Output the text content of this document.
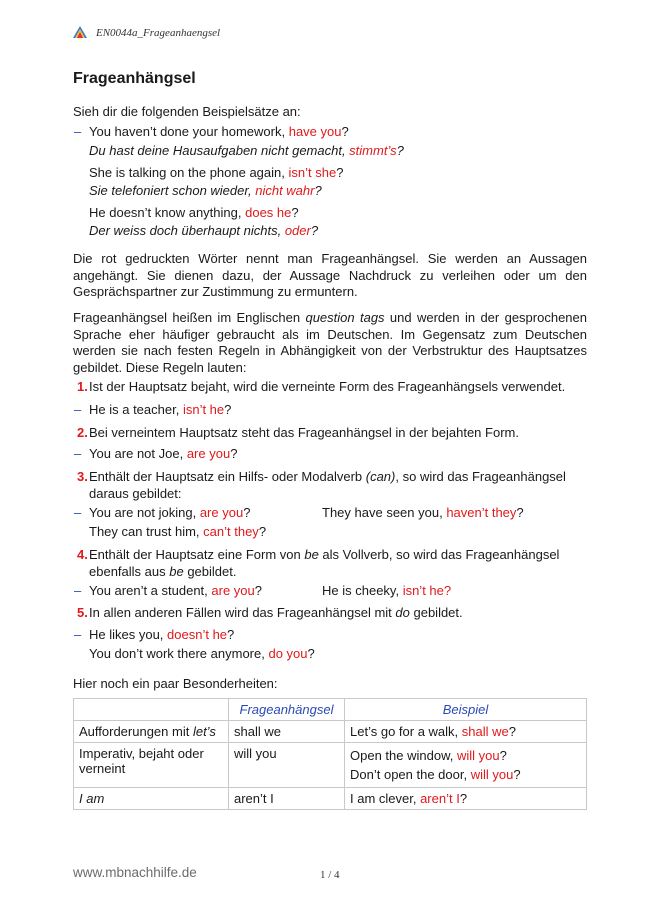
EN0044a_Frageanhaengsel
Frageanhängsel
Sieh dir die folgenden Beispielsätze an:
– You haven’t done your homework, have you?
Du hast deine Hausaufgaben nicht gemacht, stimmt’s?
She is talking on the phone again, isn’t she?
Sie telefoniert schon wieder, nicht wahr?
He doesn’t know anything, does he?
Der weiss doch überhaupt nichts, oder?
Die rot gedruckten Wörter nennt man Frageanhängsel. Sie werden an Aussagen angehängt. Sie dienen dazu, der Aussage Nachdruck zu verleihen oder um den Gesprächspartner zur Zustimmung zu ermuntern.
Frageanhängsel heißen im Englischen question tags und werden in der gesprochenen Sprache eher häufiger gebraucht als im Deutschen. Im Gegensatz zum Deutschen werden sie nach festen Regeln in Abhängigkeit von der Verbstruktur des Hauptsatzes gebildet. Diese Regeln lauten:
1. Ist der Hauptsatz bejaht, wird die verneinte Form des Frageanhängsels verwendet.
– He is a teacher, isn’t he?
2. Bei verneintem Hauptsatz steht das Frageanhängsel in der bejahten Form.
– You are not Joe, are you?
3. Enthält der Hauptsatz ein Hilfs- oder Modalverb (can), so wird das Frageanhängsel
daraus gebildet:
– You are not joking, are you?	They have seen you, haven’t they?
They can trust him, can’t they?
4. Enthält der Hauptsatz eine Form von be als Vollverb, so wird das Frageanhängsel
ebenfalls aus be gebildet.
– You aren’t a student, are you?	He is cheeky, isn’t he?
5. In allen anderen Fällen wird das Frageanhängsel mit do gebildet.
– He likes you, doesn’t he?
You don’t work there anymore, do you?
Hier noch ein paar Besonderheiten:
	Frageanhängsel	Beispiel
Aufforderungen mit let’s	shall we	Let’s go for a walk, shall we?
Imperativ, bejaht oder verneint	will you	Open the window, will you?
Don’t open the door, will you?
I am	aren’t I	I am clever, aren’t I?
www.mbnachhilfe.de	1 / 4
